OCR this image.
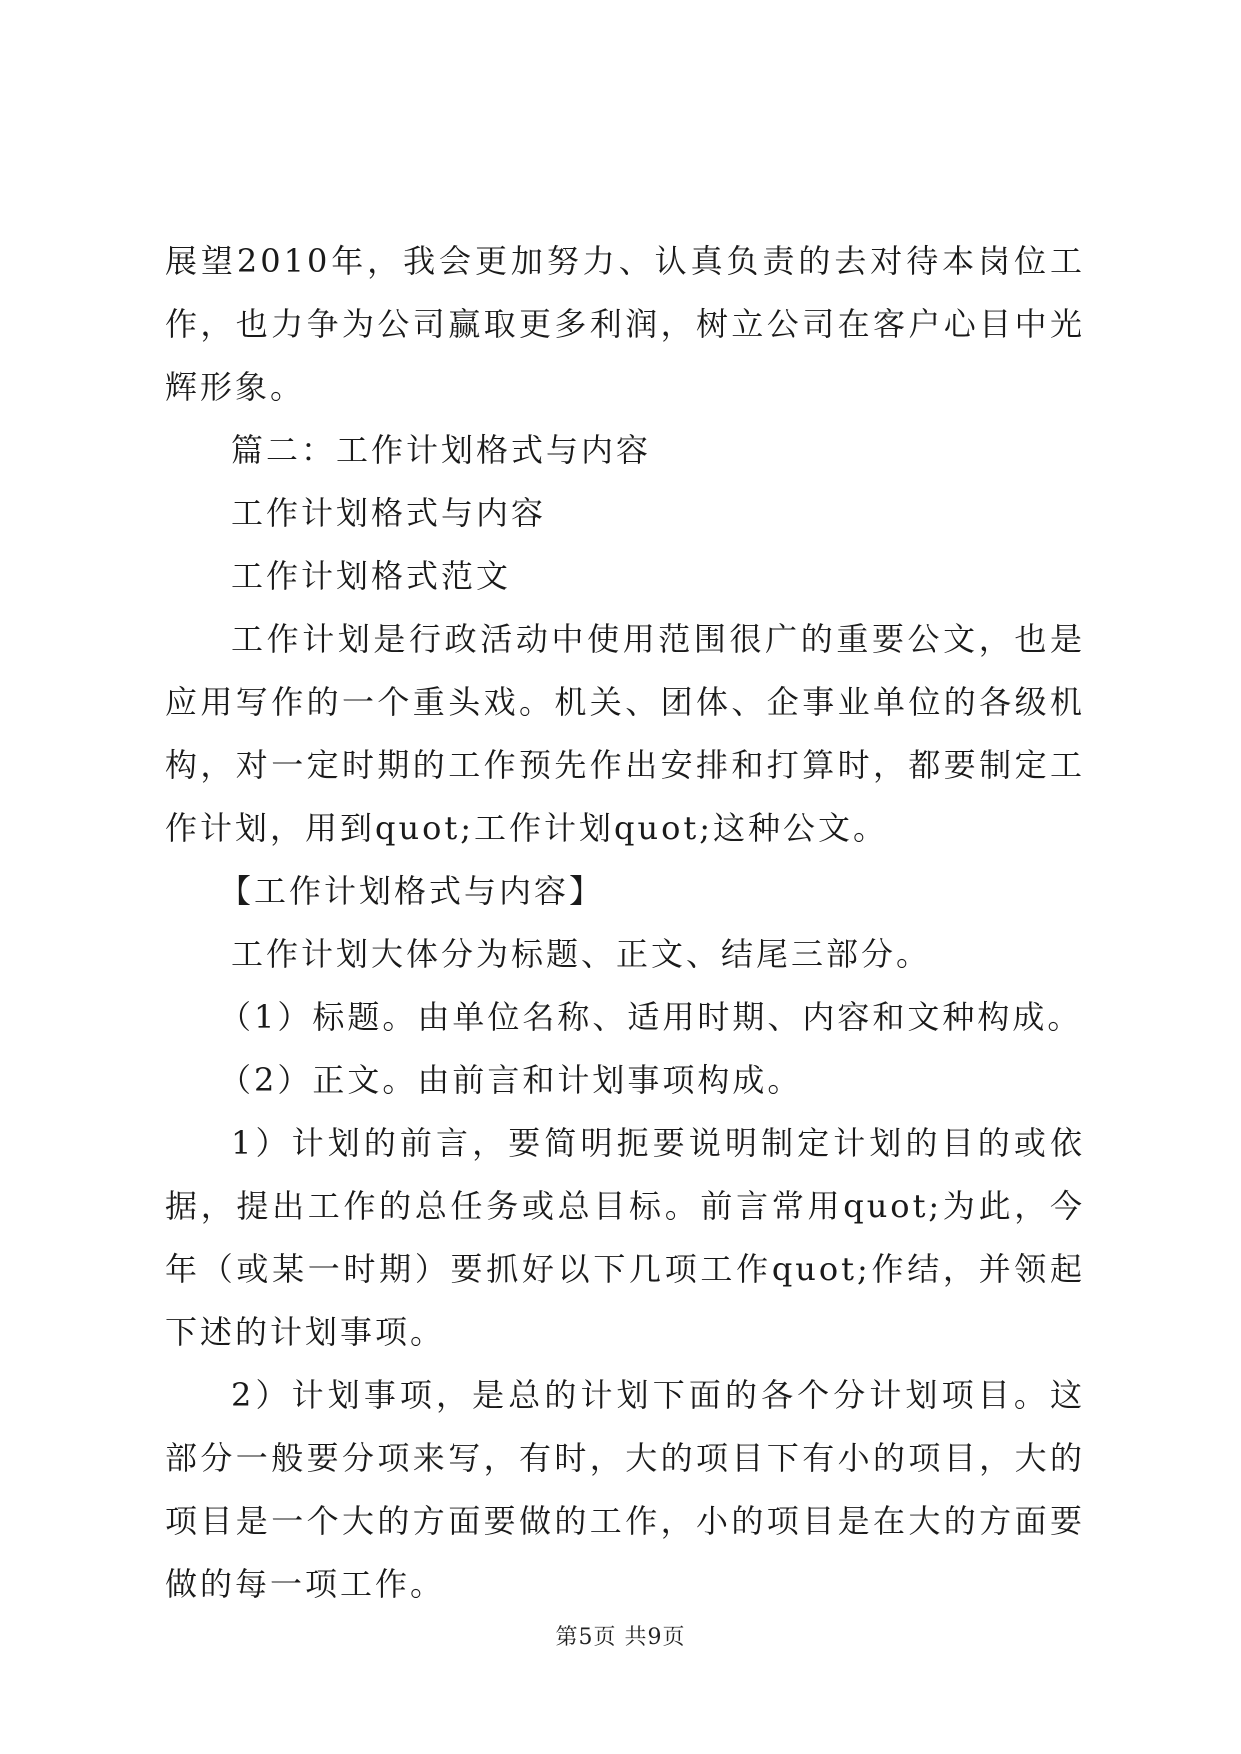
展望2010年，我会更加努力、认真负责的去对待本岗位工作，也力争为公司赢取更多利润，树立公司在客户心目中光辉形象。

篇二：工作计划格式与内容

工作计划格式与内容

工作计划格式范文

工作计划是行政活动中使用范围很广的重要公文，也是应用写作的一个重头戏。机关、团体、企事业单位的各级机构，对一定时期的工作预先作出安排和打算时，都要制定工作计划，用到quot;工作计划quot;这种公文。

【工作计划格式与内容】

工作计划大体分为标题、正文、结尾三部分。

（1）标题。由单位名称、适用时期、内容和文种构成。

（2）正文。由前言和计划事项构成。

1）计划的前言，要简明扼要说明制定计划的目的或依据，提出工作的总任务或总目标。前言常用quot;为此，今年（或某一时期）要抓好以下几项工作quot;作结，并领起下述的计划事项。

2）计划事项，是总的计划下面的各个分计划项目。这部分一般要分项来写，有时，大的项目下有小的项目，大的项目是一个大的方面要做的工作，小的项目是在大的方面要做的每一项工作。

第5页 共9页
